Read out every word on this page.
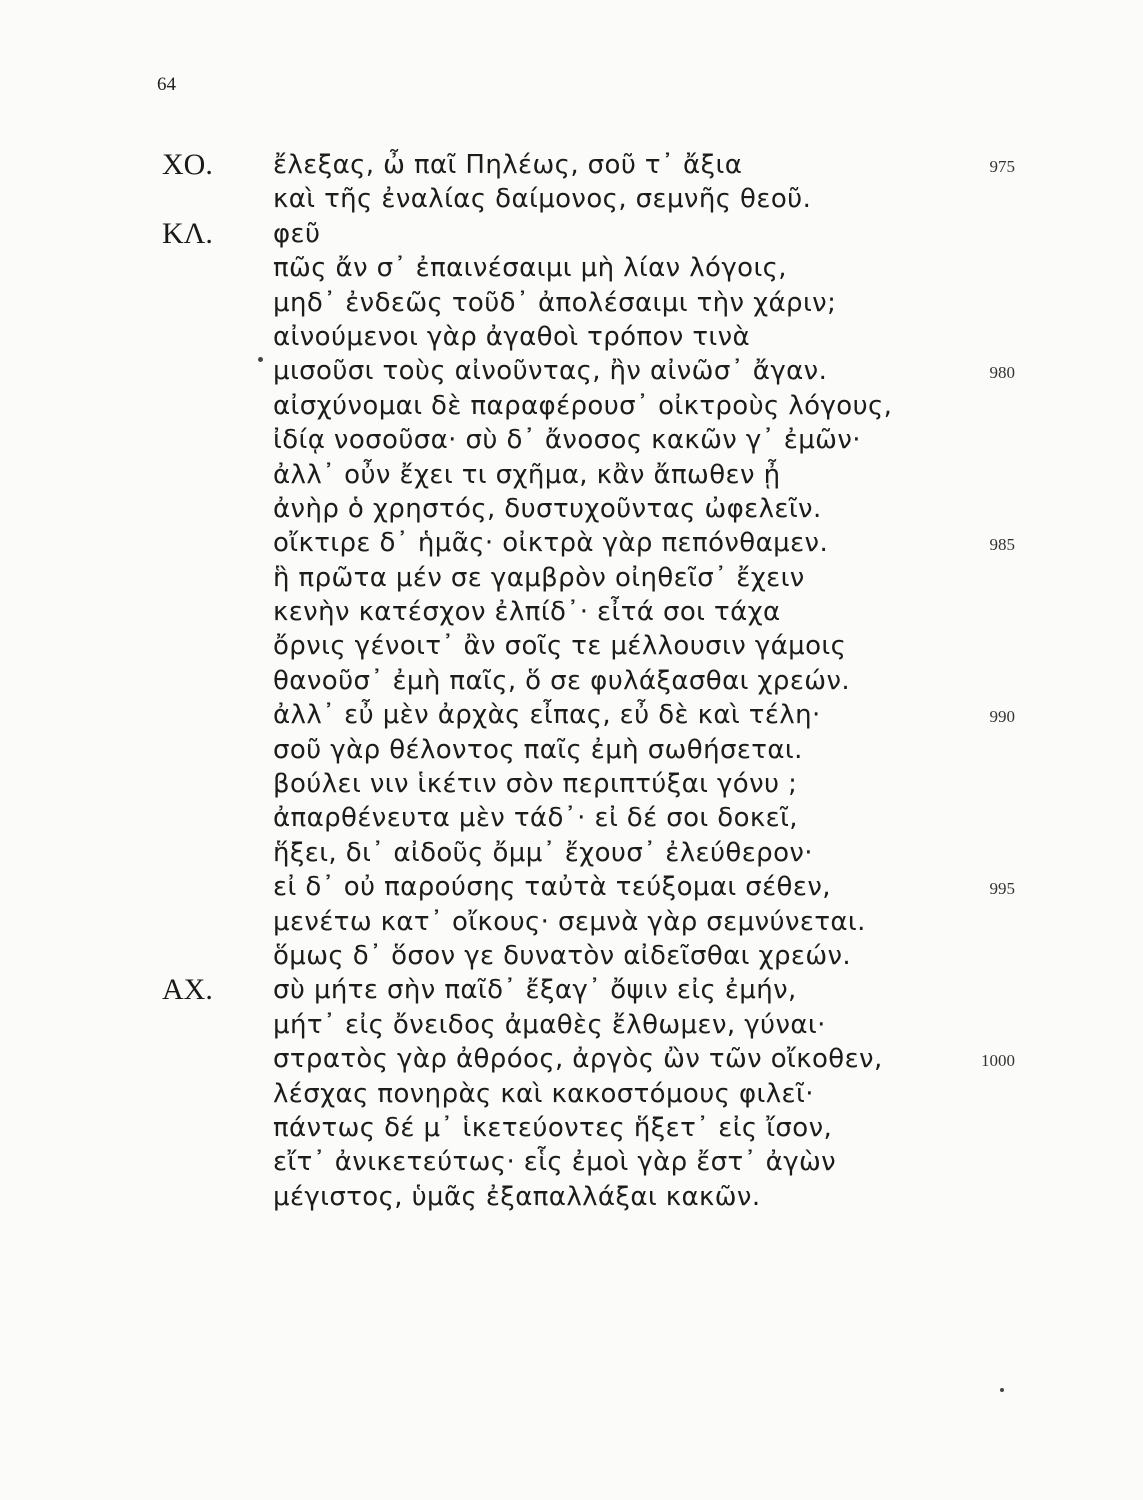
64
ΧΟ. ἔλεξας, ὦ παῖ Πηλέως, σοῦ τ᾽ ἄξια	975
καὶ τῆς ἐναλίας δαίμονος, σεμνῆς θεοῦ.
ΚΛ. φεῦ
πῶς ἄν σ᾽ ἐπαινέσαιμι μὴ λίαν λόγοις,
μηδ᾽ ἐνδεῶς τοῦδ᾽ ἀπολέσαιμι τὴν χάριν;
αἰνούμενοι γὰρ ἀγαθοὶ τρόπον τινὰ
μισοῦσι τοὺς αἰνοῦντας, ἢν αἰνῶσ᾽ ἄγαν.	980
αἰσχύνομαι δὲ παραφέρουσ᾽ οἰκτροὺς λόγους,
ἰδίᾳ νοσοῦσα· σὺ δ᾽ ἄνοσος κακῶν γ᾽ ἐμῶν·
ἀλλ᾽ οὖν ἔχει τι σχῆμα, κἂν ἄπωθεν ᾖ
ἀνὴρ ὁ χρηστός, δυστυχοῦντας ὠφελεῖν.
οἴκτιρε δ᾽ ἡμᾶς· οἰκτρὰ γὰρ πεπόνθαμεν.	985
ἣ πρῶτα μέν σε γαμβρὸν οἰηθεῖσ᾽ ἔχειν
κενὴν κατέσχον ἐλπίδ᾽· εἶτά σοι τάχα
ὄρνις γένοιτ᾽ ἂν σοῖς τε μέλλουσιν γάμοις
θανοῦσ᾽ ἐμὴ παῖς, ὅ σε φυλάξασθαι χρεών.
ἀλλ᾽ εὖ μὲν ἀρχὰς εἶπας, εὖ δὲ καὶ τέλη·	990
σοῦ γὰρ θέλοντος παῖς ἐμὴ σωθήσεται.
βούλει νιν ἱκέτιν σὸν περιπτύξαι γόνυ ;
ἀπαρθένευτα μὲν τάδ᾽· εἰ δέ σοι δοκεῖ,
ἥξει, δι᾽ αἰδοῦς ὄμμ᾽ ἔχουσ᾽ ἐλεύθερον·
εἰ δ᾽ οὐ παρούσης ταὐτὰ τεύξομαι σέθεν,	995
μενέτω κατ᾽ οἴκους· σεμνὰ γὰρ σεμνύνεται.
ὅμως δ᾽ ὅσον γε δυνατὸν αἰδεῖσθαι χρεών.
ΑΧ. σὺ μήτε σὴν παῖδ᾽ ἔξαγ᾽ ὄψιν εἰς ἐμήν,
μήτ᾽ εἰς ὄνειδος ἀμαθὲς ἔλθωμεν, γύναι·
στρατὸς γὰρ ἀθρόος, ἀργὸς ὢν τῶν οἴκοθεν,	1000
λέσχας πονηρὰς καὶ κακοστόμους φιλεῖ·
πάντως δέ μ᾽ ἱκετεύοντες ἥξετ᾽ εἰς ἴσον,
εἴτ᾽ ἀνικετεύτως· εἷς ἐμοὶ γὰρ ἔστ᾽ ἀγὼν
μέγιστος, ὑμᾶς ἐξαπαλλάξαι κακῶν.
